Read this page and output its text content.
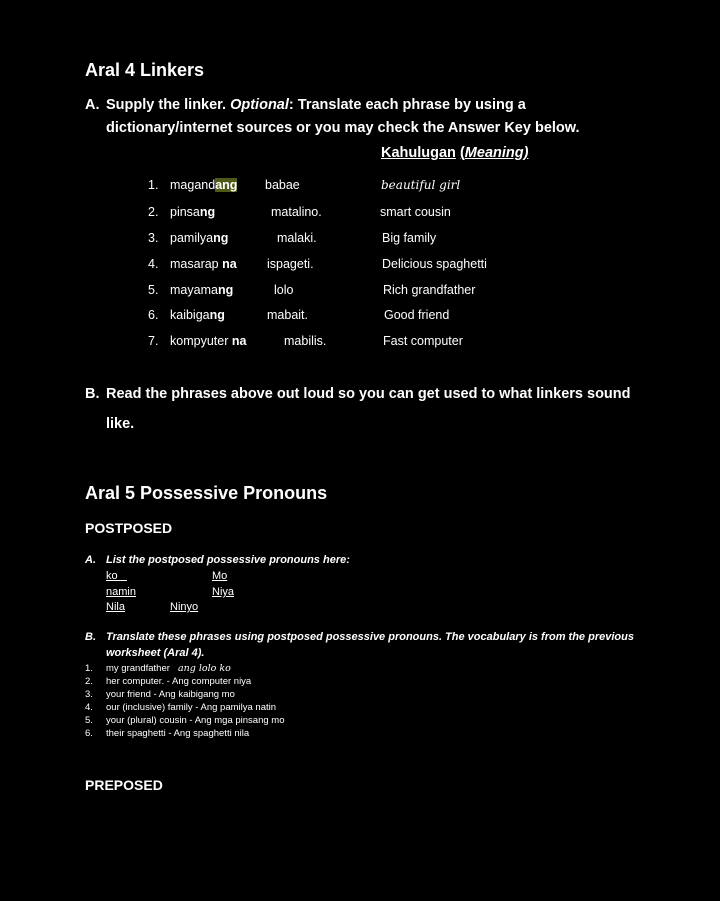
Aral 4 Linkers
A. Supply the linker. Optional: Translate each phrase by using a
dictionary/internet sources or you may check the Answer Key below.
Kahulugan (Meaning)
1. magandang babae	beautiful girl
2. pinsang	matalino.	smart cousin
3. pamilyang	malaki.	Big family
4. masarap na ispageti.	Delicious spaghetti
5. mayamang	lolo	Rich grandfather
6. kaibigang	mabait.	Good friend
7. kompyuter na	mabilis.	Fast computer
B. Read the phrases above out loud so you can get used to what linkers sound
like.
Aral 5 Possessive Pronouns
POSTPOSED
A. List the postposed possessive pronouns here:
ko	Mo
namin	Niya
Nila	Ninyo
B. Translate these phrases using postposed possessive pronouns. The vocabulary is from the previous
worksheet (Aral 4).
1. my grandfather ang lolo ko
2. her computer. - Ang computer niya
3. your friend - Ang kaibigang mo
4. our (inclusive) family - Ang pamilya natin
5. your (plural) cousin - Ang mga pinsang mo
6. their spaghetti - Ang spaghetti nila
PREPOSED
